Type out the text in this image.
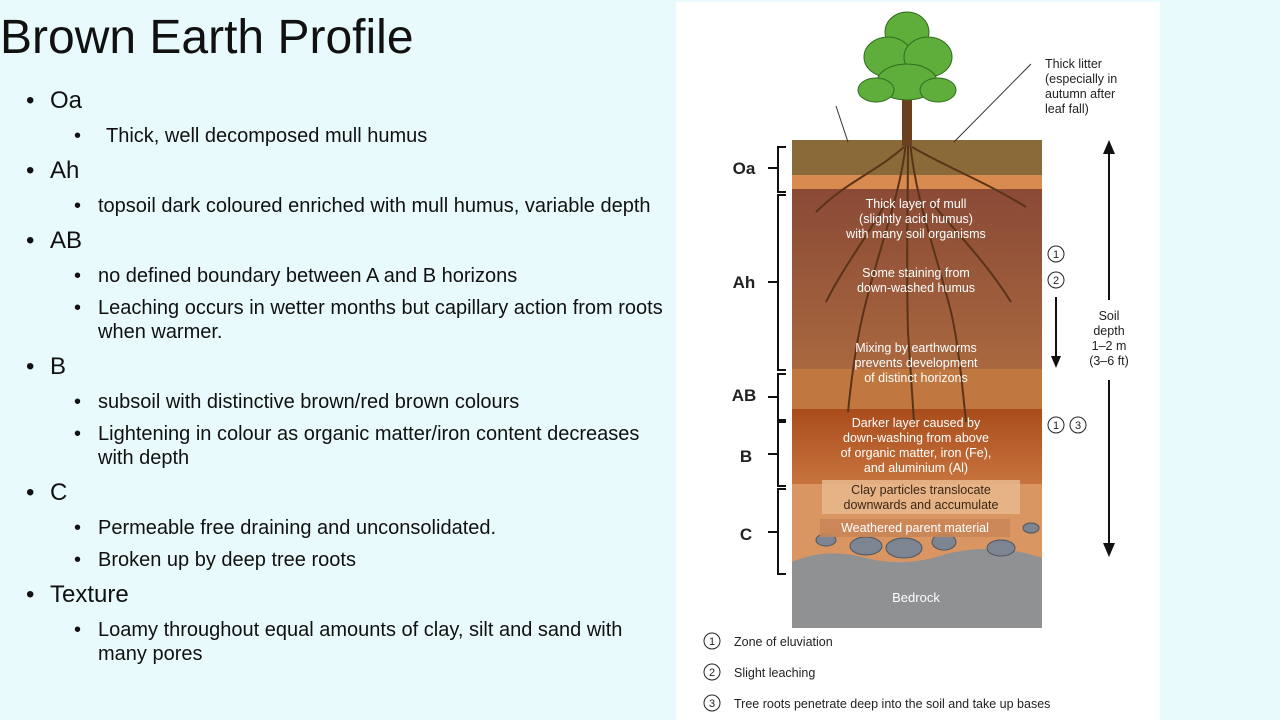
Brown Earth Profile
• Oa
• Thick, well decomposed mull humus
• Ah
• topsoil dark coloured enriched with mull humus, variable depth
• AB
• no defined boundary between A and B horizons
• Leaching occurs in wetter months but capillary action from roots when warmer.
• B
• subsoil with distinctive brown/red brown colours
• Lightening in colour as organic matter/iron content decreases with depth
• C
• Permeable free draining and unconsolidated.
• Broken up by deep tree roots
• Texture
• Loamy throughout equal amounts of clay, silt and sand with many pores
Thick litter
(especially in
autumn after
leaf fall)
Thick layer of mull
(slightly acid humus)
with many soil organisms
Some staining from
down-washed humus
Mixing by earthworms
prevents development
of distinct horizons
Darker layer caused by
down-washing from above
of organic matter, iron (Fe),
and aluminium (Al)
Clay particles translocate
downwards and accumulate
Weathered parent material
Bedrock
Oa
Ah
AB
B
C
Soil
depth
1–2 m
(3–6 ft)
1
2
1 3
1 Zone of eluviation
2 Slight leaching
3 Tree roots penetrate deep into the soil and take up bases
